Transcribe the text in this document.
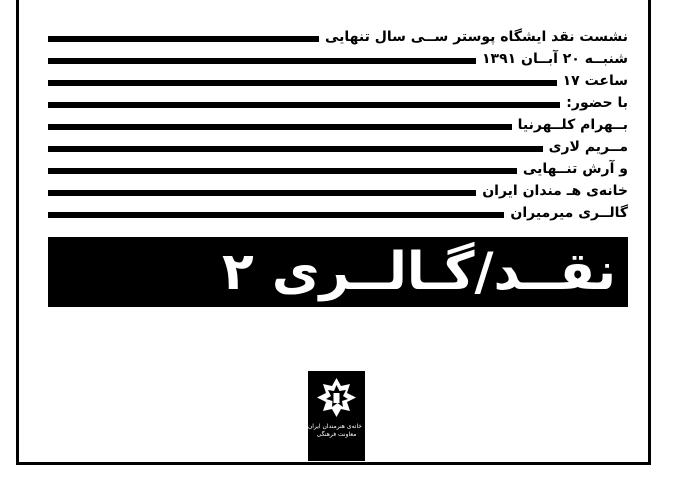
نشست نقد ایشگاه پوستر ســی سال تنهایی
شنبــه ۲۰ آبــان ۱۳۹۱
ساعت ۱۷
با حضور:
بــهرام کلــهرنیا
مــریم لاری
و آرش تنــهایی
خانه‌ی هـ مندان ایران
گالــری میرمیران
نقــد/گـالــری ۲
خانه‌ی هنرمندان ایران
معاونت فرهنگی
